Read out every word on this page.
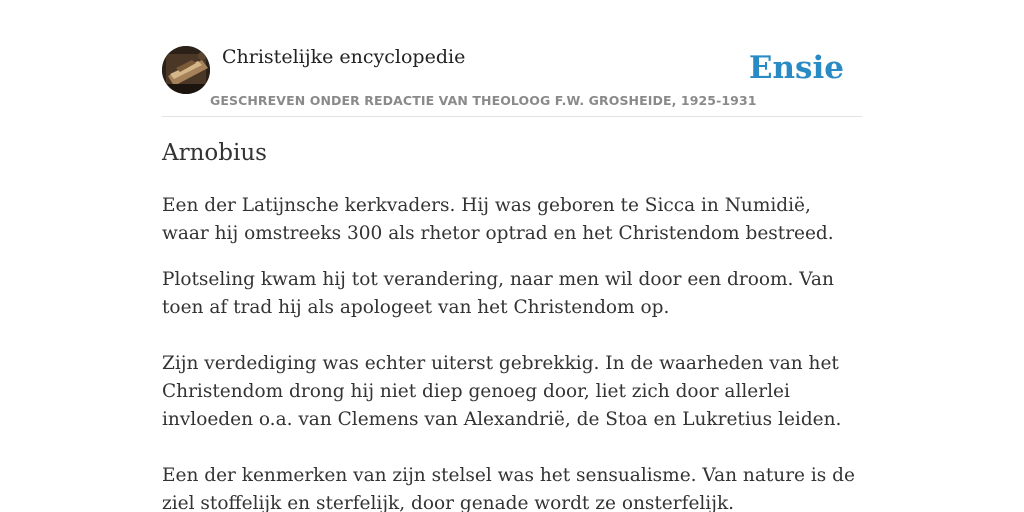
Christelijke encyclopedie
GESCHREVEN ONDER REDACTIE VAN THEOLOOG F.W. GROSHEIDE, 1925-1931
Ensie
Arnobius

Een der Latijnsche kerkvaders. Hij was geboren te Sicca in Numidië, waar hij omstreeks 300 als rhetor optrad en het Christendom bestreed.

Plotseling kwam hij tot verandering, naar men wil door een droom. Van toen af trad hij als apologeet van het Christendom op.

Zijn verdediging was echter uiterst gebrekkig. In de waarheden van het Christendom drong hij niet diep genoeg door, liet zich door allerlei invloeden o.a. van Clemens van Alexandrië, de Stoa en Lukretius leiden.

Een der kenmerken van zijn stelsel was het sensualisme. Van nature is de ziel stoffelijk en sterfelijk, door genade wordt ze onsterfelijk.
